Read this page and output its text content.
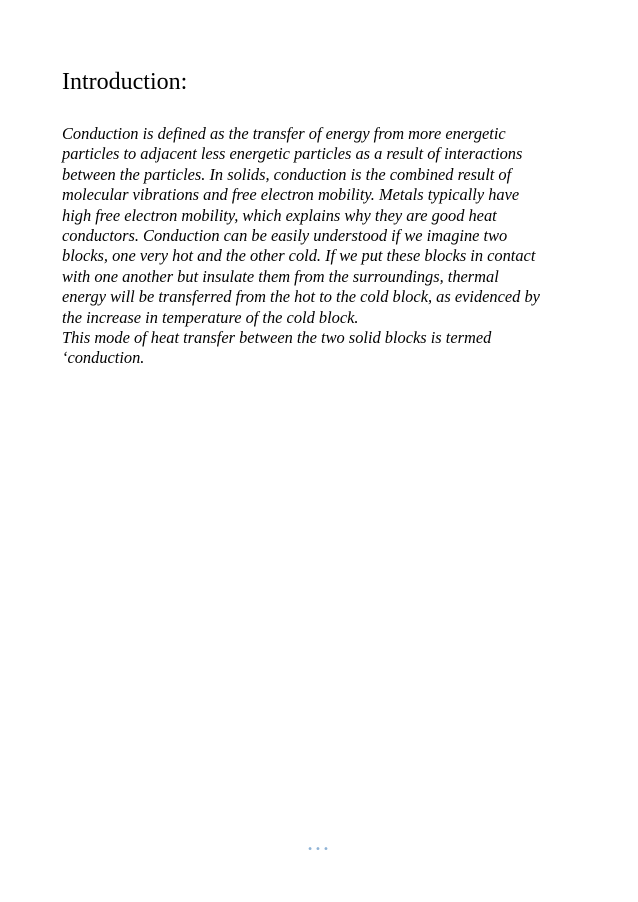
Introduction:
Conduction is defined as the transfer of energy from more energetic
particles to adjacent less energetic particles as a result of interactions
between the particles. In solids, conduction is the combined result of
molecular vibrations and free electron mobility. Metals typically have
high free electron mobility, which explains why they are good heat
conductors. Conduction can be easily understood if we imagine two
blocks, one very hot and the other cold. If we put these blocks in contact
with one another but insulate them from the surroundings, thermal
energy will be transferred from the hot to the cold block, as evidenced by
the increase in temperature of the cold block.
This mode of heat transfer between the two solid blocks is termed
‘conduction.
•••
